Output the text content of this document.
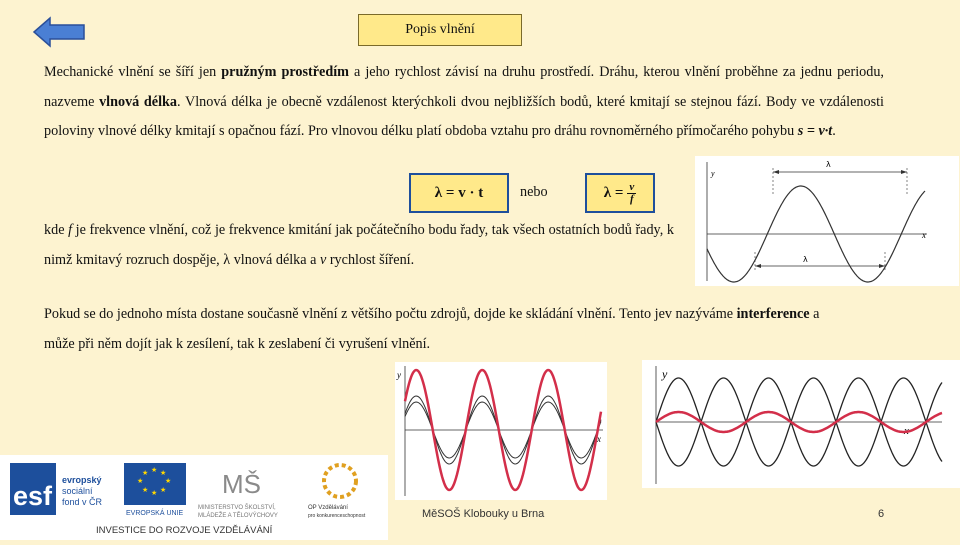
Popis vlnění

Mechanické vlnění se šíří jen pružným prostředím a jeho rychlost závisí na druhu prostředí. Dráhu, kterou vlnění proběhne za jednu periodu, nazveme vlnová délka. Vlnová délka je obecně vzdálenost kterýchkoli dvou nejbližších bodů, které kmitají se stejnou fází. Body ve vzdálenosti poloviny vlnové délky kmitají s opačnou fází. Pro vlnovou délku platí obdoba vztahu pro dráhu rovnoměrného přímočarého pohybu s = v·t.

λ = v · t	nebo	$\lambda = \frac{v}{f}$

kde f je frekvence vlnění, což je frekvence kmitání jak počátečního bodu řady, tak všech ostatních bodů řady, k nimž kmitavý rozruch dospěje, λ vlnová délka a v rychlost šíření.

Pokud se do jednoho místa dostane současně vlnění z většího počtu zdrojů, dojde ke skládání vlnění. Tento jev nazýváme interference a může při něm dojít jak k zesílení, tak k zeslabení či vyrušení vlnění.

y
x
λ
λ
y
x
y
x
esf
evropský
sociální
fond v ČR
★ ★
★
★
★
★
★
★
EVROPSKÁ UNIE
MŠ
MINISTERSTVO ŠKOLSTVÍ,
MLÁDEŽE A TĚLOVÝCHOVY
OP Vzdělávání
pro konkurenceschopnost
INVESTICE DO ROZVOJE VZDĚLÁVÁNÍ
MěSOŠ Klobouky u Brna	6
